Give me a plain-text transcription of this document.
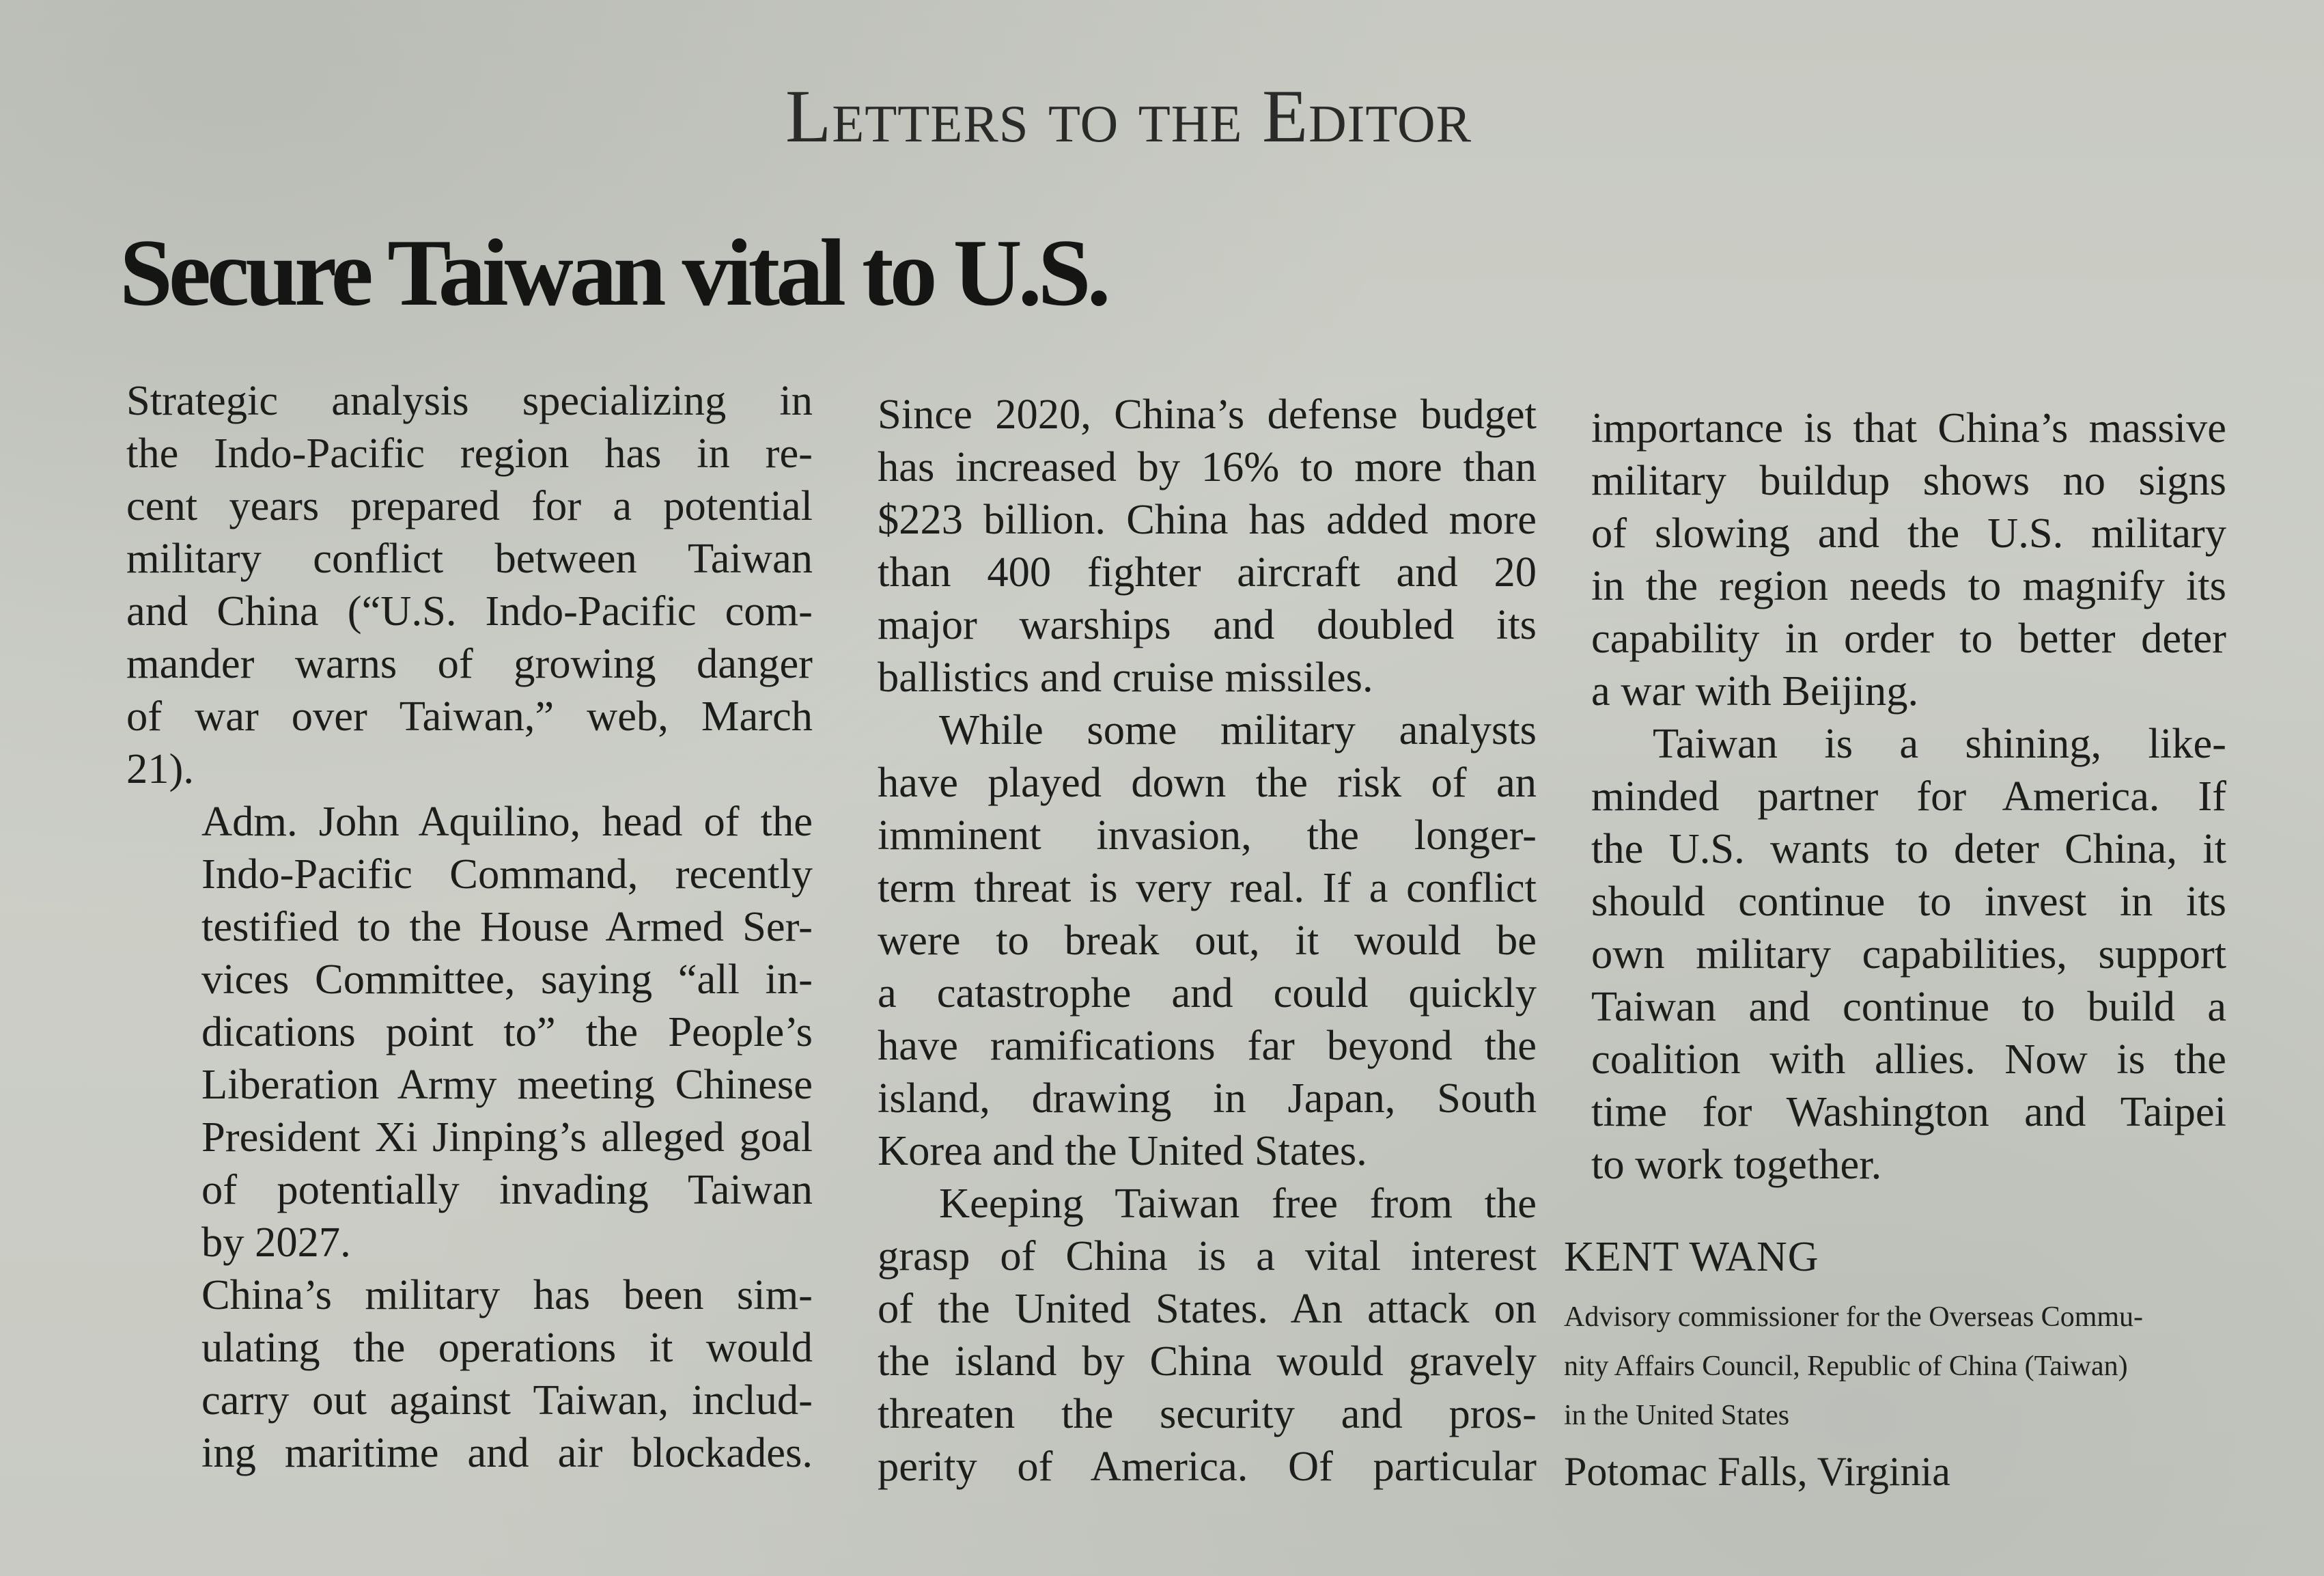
Letters to the Editor
Secure Taiwan vital to U.S.

Strategic analysis specializing in
the Indo-Pacific region has in re-
cent years prepared for a potential
military conflict between Taiwan
and China (“U.S. Indo-Pacific com-
mander warns of growing danger
of war over Taiwan,” web, March
21).

Adm. John Aquilino, head of the
Indo-Pacific Command, recently
testified to the House Armed Ser-
vices Committee, saying “all in-
dications point to” the People’s
Liberation Army meeting Chinese
President Xi Jinping’s alleged goal
of potentially invading Taiwan
by 2027.

China’s military has been sim-
ulating the operations it would
carry out against Taiwan, includ-
ing maritime and air blockades.

Since 2020, China’s defense budget
has increased by 16% to more than
$223 billion. China has added more
than 400 fighter aircraft and 20
major warships and doubled its
ballistics and cruise missiles.

While some military analysts
have played down the risk of an
imminent invasion, the longer-
term threat is very real. If a conflict
were to break out, it would be
a catastrophe and could quickly
have ramifications far beyond the
island, drawing in Japan, South
Korea and the United States.

Keeping Taiwan free from the
grasp of China is a vital interest
of the United States. An attack on
the island by China would gravely
threaten the security and pros-
perity of America. Of particular

importance is that China’s massive
military buildup shows no signs
of slowing and the U.S. military
in the region needs to magnify its
capability in order to better deter
a war with Beijing.

Taiwan is a shining, like-
minded partner for America. If
the U.S. wants to deter China, it
should continue to invest in its
own military capabilities, support
Taiwan and continue to build a
coalition with allies. Now is the
time for Washington and Taipei
to work together.

KENT WANG
Advisory commissioner for the Overseas Commu-
nity Affairs Council, Republic of China (Taiwan)
in the United States
Potomac Falls, Virginia
